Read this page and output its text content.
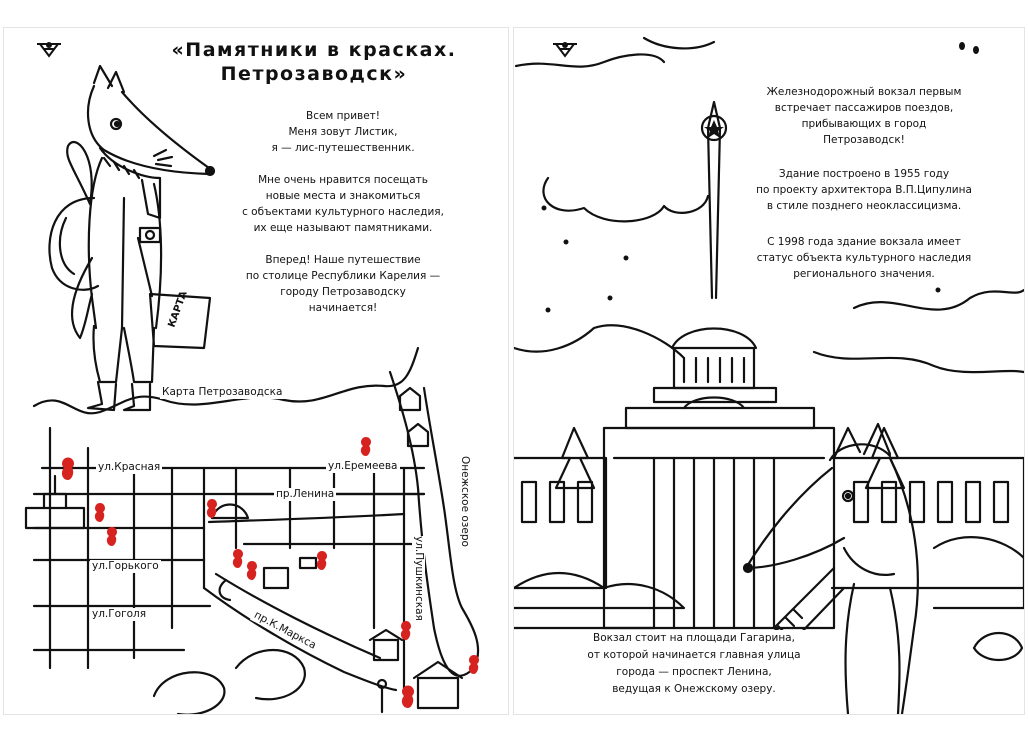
«Памятники в красках.
Петрозаводск»

Всем привет!
Меня зовут Листик,
я — лис-путешественник.

Мне очень нравится посещать
новые места и знакомиться
с объектами культурного наследия,
их еще называют памятниками.

Вперед! Наше путешествие
по столице Республики Карелия —
городу Петрозаводску
начинается!

КАРТА
Карта Петрозаводска
ул.Красная	ул.Еремеева
пр.Ленина
ул.Горького
ул.Гоголя	пр.К.Маркса
ул.Пушкинская
Онежское озеро

Железнодорожный вокзал первым
встречает пассажиров поездов,
прибывающих в город
Петрозаводск!

Здание построено в 1955 году
по проекту архитектора В.П.Ципулина
в стиле позднего неоклассицизма.

С 1998 года здание вокзала имеет
статус объекта культурного наследия
регионального значения.

Вокзал стоит на площади Гагарина,
от которой начинается главная улица
города — проспект Ленина,
ведущая к Онежскому озеру.
